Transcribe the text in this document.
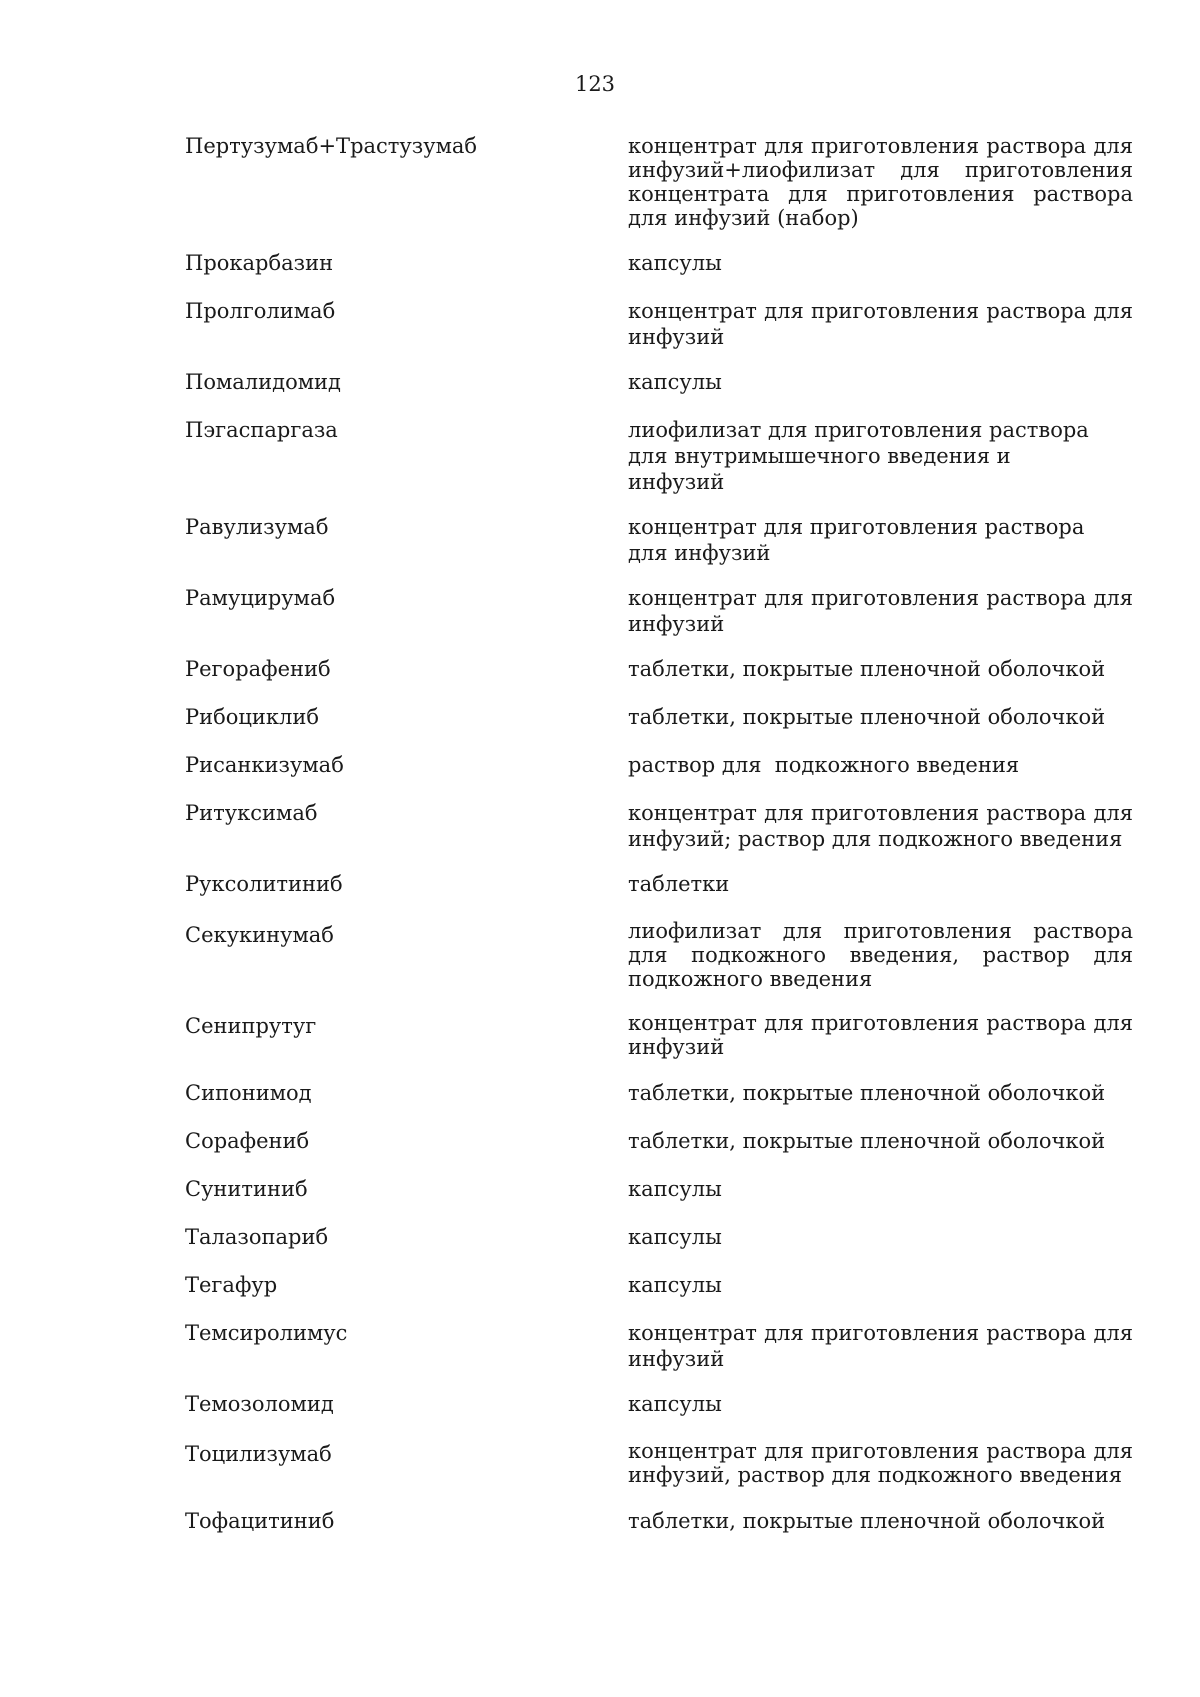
123
Пертузумаб+Трастузумаб	концентрат для приготовления раствора для инфузий+лиофилизат для приготовления концентрата для приготовления раствора для инфузий (набор)
Прокарбазин	капсулы
Пролголимаб	концентрат для приготовления раствора для инфузий
Помалидомид	капсулы
Пэгаспаргаза	лиофилизат для приготовления раствора для внутримышечного введения и инфузий
Равулизумаб	концентрат для приготовления раствора для инфузий
Рамуцирумаб	концентрат для приготовления раствора для инфузий
Регорафениб	таблетки, покрытые пленочной оболочкой
Рибоциклиб	таблетки, покрытые пленочной оболочкой
Рисанкизумаб	раствор для  подкожного введения
Ритуксимаб	концентрат для приготовления раствора для инфузий; раствор для подкожного введения
Руксолитиниб	таблетки
Секукинумаб	лиофилизат для приготовления раствора для подкожного введения, раствор для подкожного введения
Сенипрутуг	концентрат для приготовления раствора для инфузий
Сипонимод	таблетки, покрытые пленочной оболочкой
Сорафениб	таблетки, покрытые пленочной оболочкой
Сунитиниб	капсулы
Талазопариб	капсулы
Тегафур	капсулы
Темсиролимус	концентрат для приготовления раствора для инфузий
Темозоломид	капсулы
Тоцилизумаб	концентрат для приготовления раствора для инфузий, раствор для подкожного введения
Тофацитиниб	таблетки, покрытые пленочной оболочкой
